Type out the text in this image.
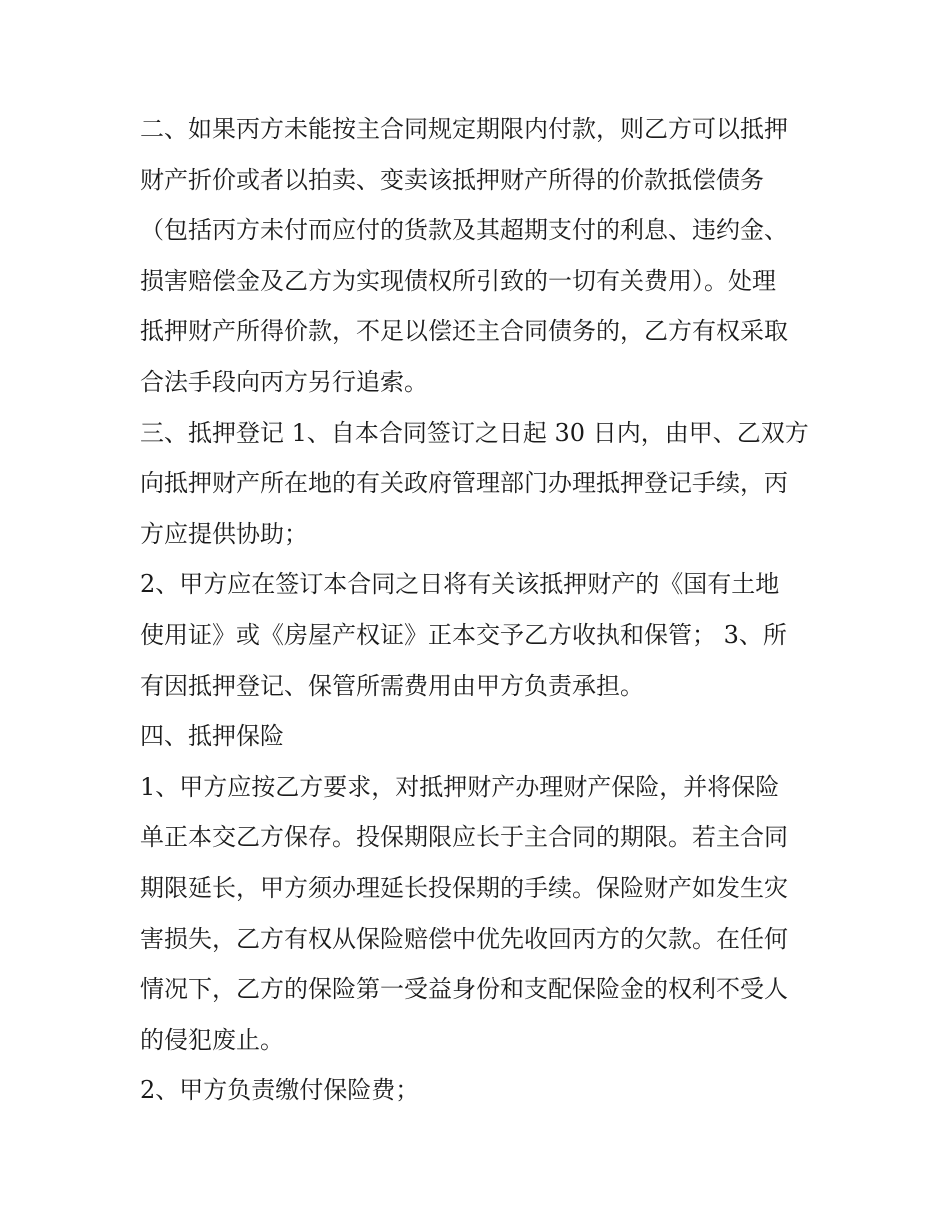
二、如果丙方未能按主合同规定期限内付款，则乙方可以抵押
财产折价或者以拍卖、变卖该抵押财产所得的价款抵偿债务
（包括丙方未付而应付的货款及其超期支付的利息、违约金、
损害赔偿金及乙方为实现债权所引致的一切有关费用）。处理
抵押财产所得价款，不足以偿还主合同债务的，乙方有权采取
合法手段向丙方另行追索。

三、抵押登记 1、自本合同签订之日起 30 日内，由甲、乙双方
向抵押财产所在地的有关政府管理部门办理抵押登记手续，丙
方应提供协助；

2、甲方应在签订本合同之日将有关该抵押财产的《国有土地
使用证》或《房屋产权证》正本交予乙方收执和保管； 3、所
有因抵押登记、保管所需费用由甲方负责承担。

四、抵押保险

1、甲方应按乙方要求，对抵押财产办理财产保险，并将保险
单正本交乙方保存。投保期限应长于主合同的期限。若主合同
期限延长，甲方须办理延长投保期的手续。保险财产如发生灾
害损失，乙方有权从保险赔偿中优先收回丙方的欠款。在任何
情况下，乙方的保险第一受益身份和支配保险金的权利不受人
的侵犯废止。

2、甲方负责缴付保险费；
